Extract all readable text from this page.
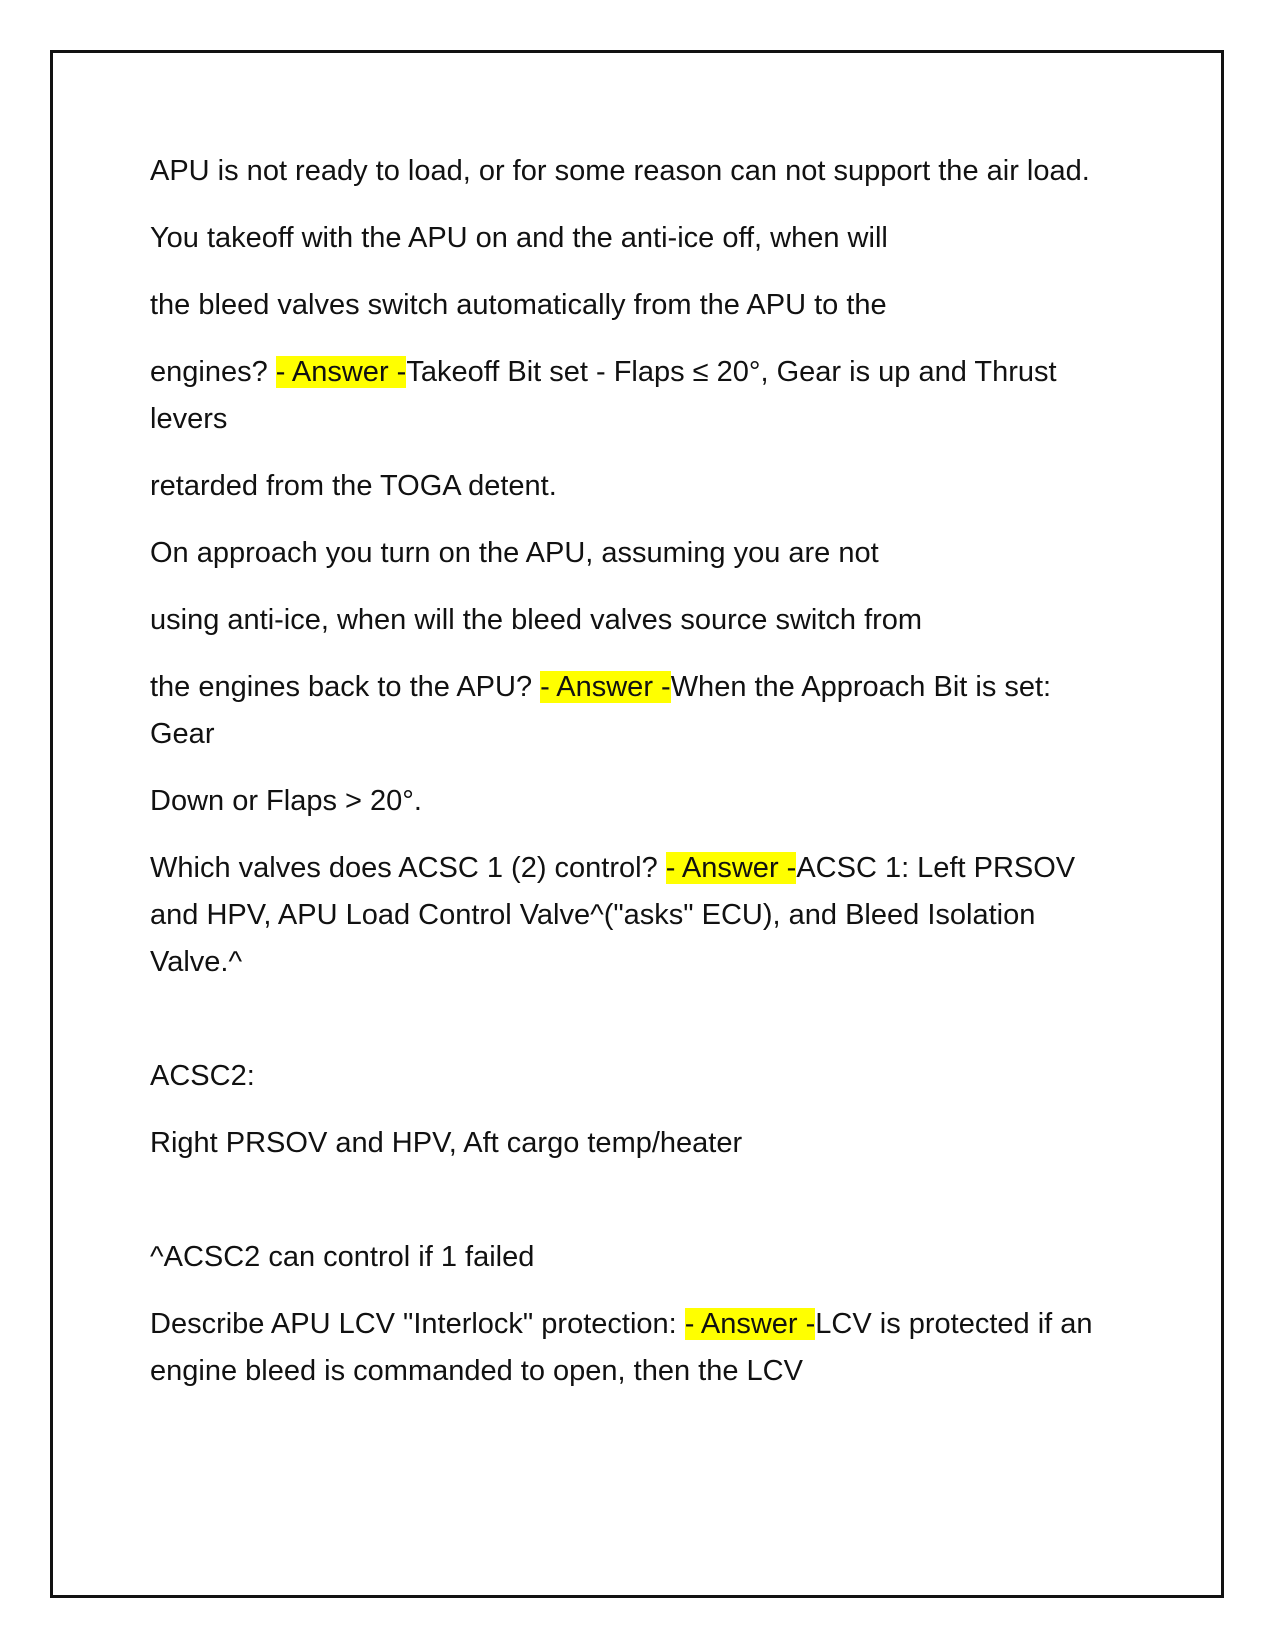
APU is not ready to load, or for some reason can not support the air load.

You takeoff with the APU on and the anti-ice off, when will

the bleed valves switch automatically from the APU to the

engines? - Answer -Takeoff Bit set - Flaps ≤ 20°, Gear is up and Thrust levers

retarded from the TOGA detent.

On approach you turn on the APU, assuming you are not

using anti-ice, when will the bleed valves source switch from

the engines back to the APU? - Answer -When the Approach Bit is set: Gear

Down or Flaps > 20°.

Which valves does ACSC 1 (2) control? - Answer -ACSC 1: Left PRSOV and HPV, APU Load Control Valve^("asks" ECU), and Bleed Isolation Valve.^

ACSC2:

Right PRSOV and HPV, Aft cargo temp/heater

^ACSC2 can control if 1 failed

Describe APU LCV "Interlock" protection: - Answer -LCV is protected if an engine bleed is commanded to open, then the LCV
